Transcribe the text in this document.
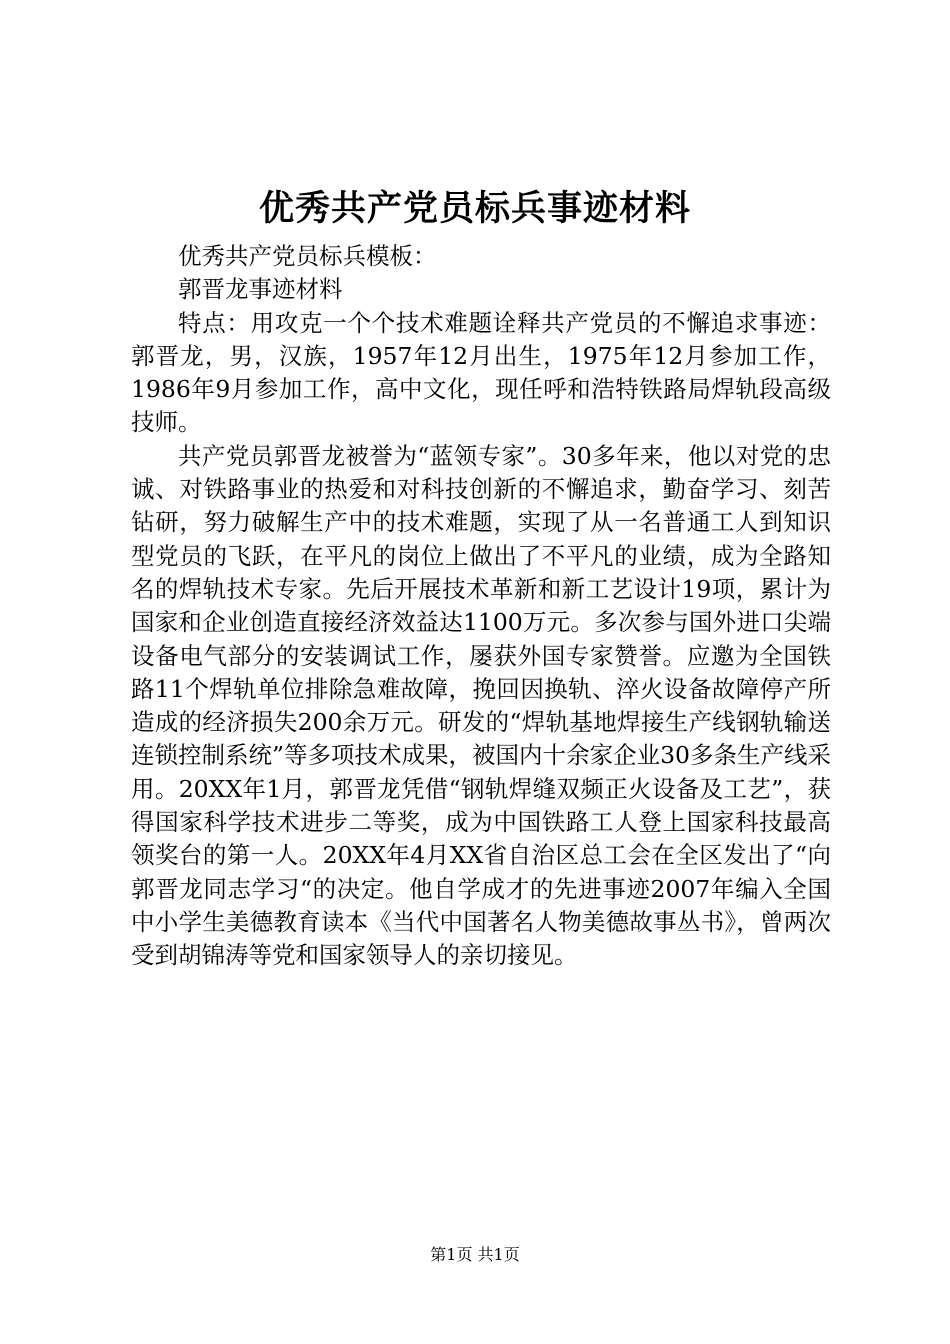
优秀共产党员标兵事迹材料

优秀共产党员标兵模板：

郭晋龙事迹材料

特点：用攻克一个个技术难题诠释共产党员的不懈追求事迹：郭晋龙，男，汉族，1957年12月出生，1975年12月参加工作，1986年9月参加工作，高中文化，现任呼和浩特铁路局焊轨段高级技师。

共产党员郭晋龙被誉为“蓝领专家”。30多年来，他以对党的忠诚、对铁路事业的热爱和对科技创新的不懈追求，勤奋学习、刻苦钻研，努力破解生产中的技术难题，实现了从一名普通工人到知识型党员的飞跃，在平凡的岗位上做出了不平凡的业绩，成为全路知名的焊轨技术专家。先后开展技术革新和新工艺设计19项，累计为国家和企业创造直接经济效益达1100万元。多次参与国外进口尖端设备电气部分的安装调试工作，屡获外国专家赞誉。应邀为全国铁路11个焊轨单位排除急难故障，挽回因换轨、淬火设备故障停产所造成的经济损失200余万元。研发的“焊轨基地焊接生产线钢轨输送连锁控制系统”等多项技术成果，被国内十余家企业30多条生产线采用。20XX年1月，郭晋龙凭借“钢轨焊缝双频正火设备及工艺”，获得国家科学技术进步二等奖，成为中国铁路工人登上国家科技最高领奖台的第一人。20XX年4月XX省自治区总工会在全区发出了“向郭晋龙同志学习“的决定。他自学成才的先进事迹2007年编入全国中小学生美德教育读本《当代中国著名人物美德故事丛书》，曾两次受到胡锦涛等党和国家领导人的亲切接见。

第1页 共1页
